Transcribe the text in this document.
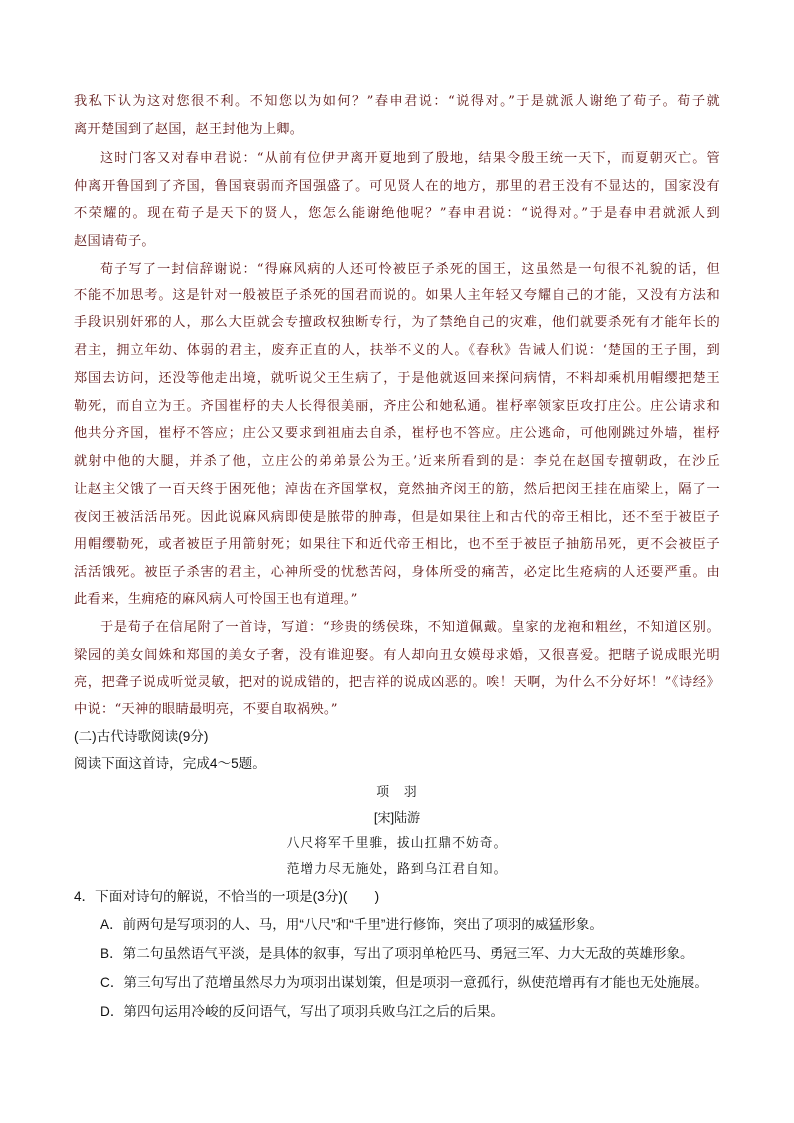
我私下认为这对您很不利。不知您以为如何？”春申君说：“说得对。”于是就派人谢绝了荀子。荀子就
离开楚国到了赵国，赵王封他为上卿。
这时门客又对春申君说：“从前有位伊尹离开夏地到了殷地，结果令殷王统一天下，而夏朝灭亡。管
仲离开鲁国到了齐国，鲁国衰弱而齐国强盛了。可见贤人在的地方，那里的君王没有不显达的，国家没有
不荣耀的。现在荀子是天下的贤人，您怎么能谢绝他呢？”春申君说：“说得对。”于是春申君就派人到
赵国请荀子。
荀子写了一封信辞谢说：“得麻风病的人还可怜被臣子杀死的国王，这虽然是一句很不礼貌的话，但
不能不加思考。这是针对一般被臣子杀死的国君而说的。如果人主年轻又夸耀自己的才能，又没有方法和
手段识别奸邪的人，那么大臣就会专擅政权独断专行，为了禁绝自己的灾难，他们就要杀死有才能年长的
君主，拥立年幼、体弱的君主，废弃正直的人，扶举不义的人。《春秋》告诫人们说：‘楚国的王子围，到
郑国去访问，还没等他走出境，就听说父王生病了，于是他就返回来探问病情，不料却乘机用帽缨把楚王
勒死，而自立为王。齐国崔杼的夫人长得很美丽，齐庄公和她私通。崔杼率领家臣攻打庄公。庄公请求和
他共分齐国，崔杼不答应；庄公又要求到祖庙去自杀，崔杼也不答应。庄公逃命，可他刚跳过外墙，崔杼
就射中他的大腿，并杀了他，立庄公的弟弟景公为王。’近来所看到的是：李兑在赵国专擅朝政，在沙丘
让赵主父饿了一百天终于困死他；淖齿在齐国掌权，竟然抽齐闵王的筋，然后把闵王挂在庙梁上，隔了一
夜闵王被活活吊死。因此说麻风病即使是脓带的肿毒，但是如果往上和古代的帝王相比，还不至于被臣子
用帽缨勒死，或者被臣子用箭射死；如果往下和近代帝王相比，也不至于被臣子抽筋吊死，更不会被臣子
活活饿死。被臣子杀害的君主，心神所受的忧愁苦闷，身体所受的痛苦，必定比生疮病的人还要严重。由
此看来，生痈疮的麻风病人可怜国王也有道理。”
于是荀子在信尾附了一首诗，写道：“珍贵的绣侯珠，不知道佩戴。皇家的龙袍和粗丝，不知道区别。
梁园的美女闾姝和郑国的美女子奢，没有谁迎娶。有人却向丑女嫫母求婚，又很喜爱。把瞎子说成眼光明
亮，把聋子说成听觉灵敏，把对的说成错的，把吉祥的说成凶恶的。唉！天啊，为什么不分好坏！”《诗经》
中说：“天神的眼睛最明亮，不要自取祸殃。”
(二)古代诗歌阅读(9分)
阅读下面这首诗，完成4～5题。
项　羽
[宋]陆游
八尺将军千里骓，拔山扛鼎不妨奇。
范增力尽无施处，路到乌江君自知。
4．下面对诗句的解说，不恰当的一项是(3分)(　　)
A．前两句是写项羽的人、马，用“八尺”和“千里”进行修饰，突出了项羽的威猛形象。
B．第二句虽然语气平淡，是具体的叙事，写出了项羽单枪匹马、勇冠三军、力大无敌的英雄形象。
C．第三句写出了范增虽然尽力为项羽出谋划策，但是项羽一意孤行，纵使范增再有才能也无处施展。
D．第四句运用冷峻的反问语气，写出了项羽兵败乌江之后的后果。
